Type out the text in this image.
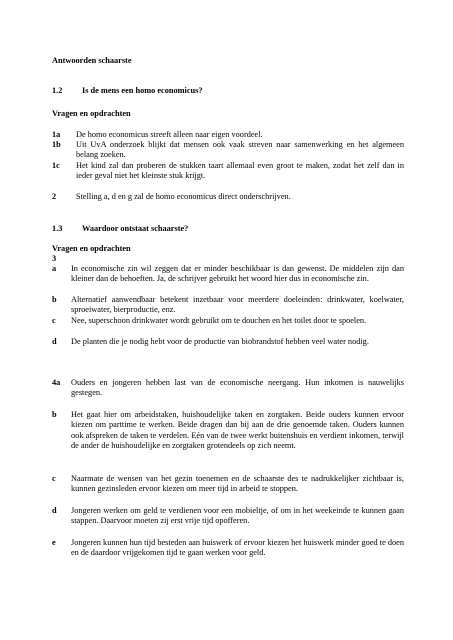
Antwoorden schaarste
1.2 Is de mens een homo economicus?
Vragen en opdrachten
1a De homo economicus streeft alleen naar eigen voordeel.
1b Uit UvA onderzoek blijkt dat mensen ook vaak streven naar samenwerking en het algemeen belang zoeken.
1c Het kind zal dan proberen de stukken taart allemaal even groot te maken, zodat het zelf dan in ieder geval niet het kleinste stuk krijgt.
2 Stelling a, d en g zal de homo economicus direct onderschrijven.
1.3 Waardoor ontstaat schaarste?
Vragen en opdrachten
3
a In economische zin wil zeggen dat er minder beschikbaar is dan gewenst. De middelen zijn dan kleiner dan de behoeften. Ja, de schrijver gebruikt het woord hier dus in economische zin.
b Alternatief aanwendbaar betekent inzetbaar voor meerdere doeleinden: drinkwater, koelwater, sproeiwater, bierproductie, enz.
c Nee, superschoon drinkwater wordt gebruikt om te douchen en het toilet door te spoelen.
d De planten die je nodig hebt voor de productie van biobrandstof hebben veel water nodig.
4a Ouders en jongeren hebben last van de economische neergang. Hun inkomen is nauwelijks gestegen.
b Het gaat hier om arbeidstaken, huishoudelijke taken en zorgtaken. Beide ouders kunnen ervoor kiezen om parttime te werken. Beide dragen dan bij aan de drie genoemde taken. Ouders kunnen ook afspreken de taken te verdelen. Eén van de twee werkt buitenshuis en verdient inkomen, terwijl de ander de huishoudelijke en zorgtaken grotendeels op zich neemt.
c Naarmate de wensen van het gezin toenemen en de schaarste des te nadrukkelijker zichtbaar is, kunnen gezinsleden ervoor kiezen om meer tijd in arbeid te stoppen.
d Jongeren werken om geld te verdienen voor een mobieltje, of om in het weekeinde te kunnen gaan stappen. Daarvoor moeten zij erst vrije tijd opofferen.
e Jongeren kunnen hun tijd besteden aan huiswerk of ervoor kiezen het huiswerk minder goed te doen en de daardoor vrijgekomen tijd te gaan werken voor geld.
